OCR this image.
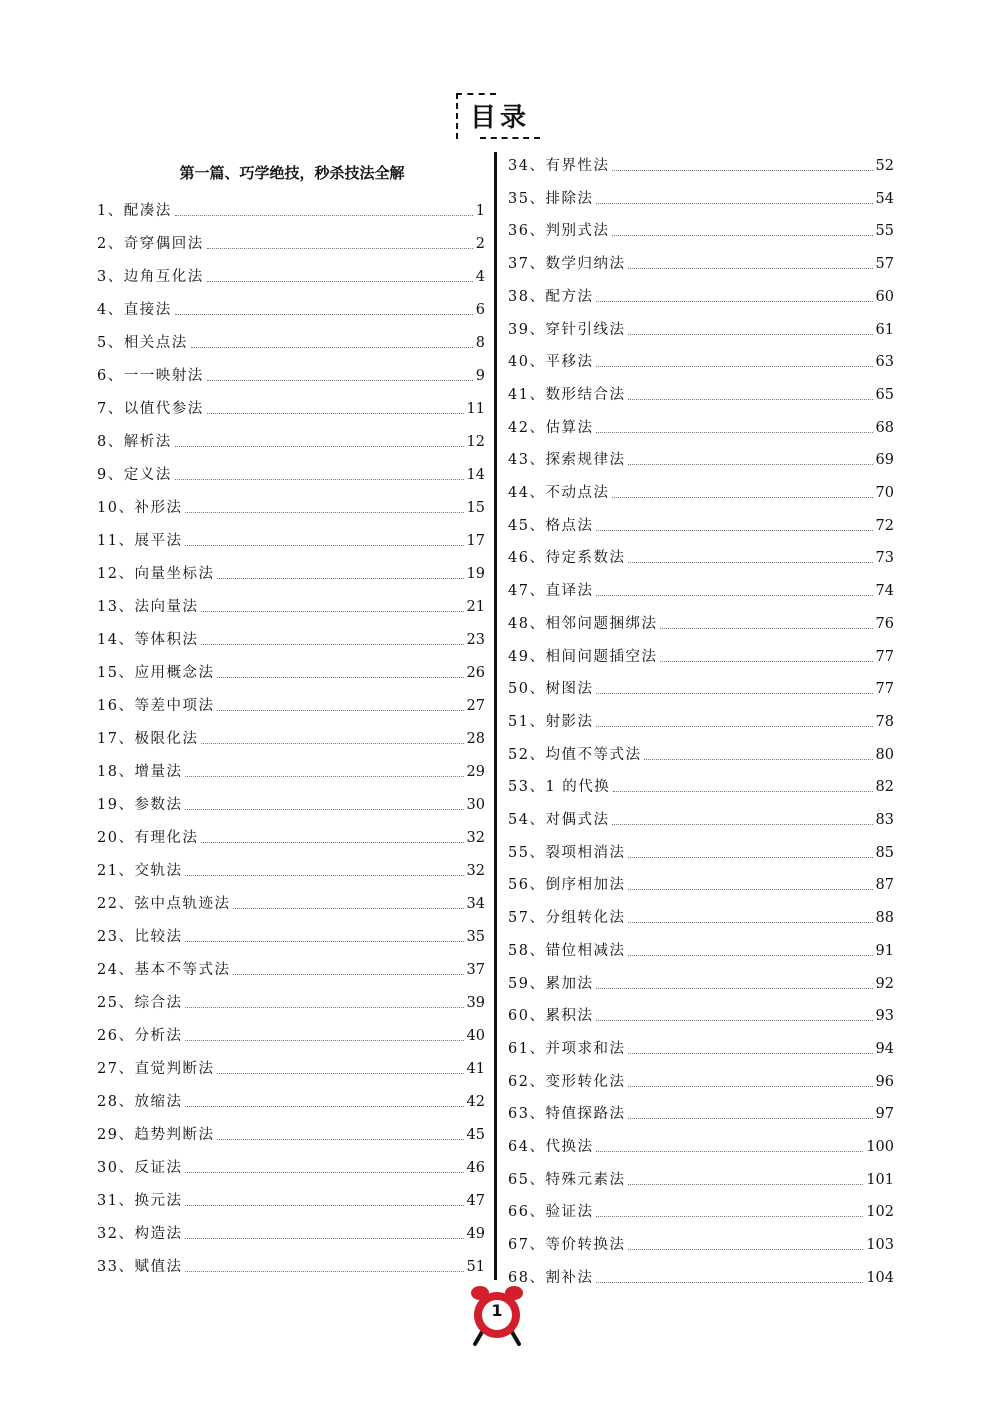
目录
第一篇、巧学绝技，秒杀技法全解
1、配凑法	1
2、奇穿偶回法	2
3、边角互化法	4
4、直接法	6
5、相关点法	8
6、一一映射法	9
7、以值代参法	11
8、解析法	12
9、定义法	14
10、补形法	15
11、展平法	17
12、向量坐标法	19
13、法向量法	21
14、等体积法	23
15、应用概念法	26
16、等差中项法	27
17、极限化法	28
18、增量法	29
19、参数法	30
20、有理化法	32
21、交轨法	32
22、弦中点轨迹法	34
23、比较法	35
24、基本不等式法	37
25、综合法	39
26、分析法	40
27、直觉判断法	41
28、放缩法	42
29、趋势判断法	45
30、反证法	46
31、换元法	47
32、构造法	49
33、赋值法	51
34、有界性法	52
35、排除法	54
36、判别式法	55
37、数学归纳法	57
38、配方法	60
39、穿针引线法	61
40、平移法	63
41、数形结合法	65
42、估算法	68
43、探索规律法	69
44、不动点法	70
45、格点法	72
46、待定系数法	73
47、直译法	74
48、相邻问题捆绑法	76
49、相间问题插空法	77
50、树图法	77
51、射影法	78
52、均值不等式法	80
53、1 的代换	82
54、对偶式法	83
55、裂项相消法	85
56、倒序相加法	87
57、分组转化法	88
58、错位相减法	91
59、累加法	92
60、累积法	93
61、并项求和法	94
62、变形转化法	96
63、特值探路法	97
64、代换法	100
65、特殊元素法	101
66、验证法	102
67、等价转换法	103
68、割补法	104
1
